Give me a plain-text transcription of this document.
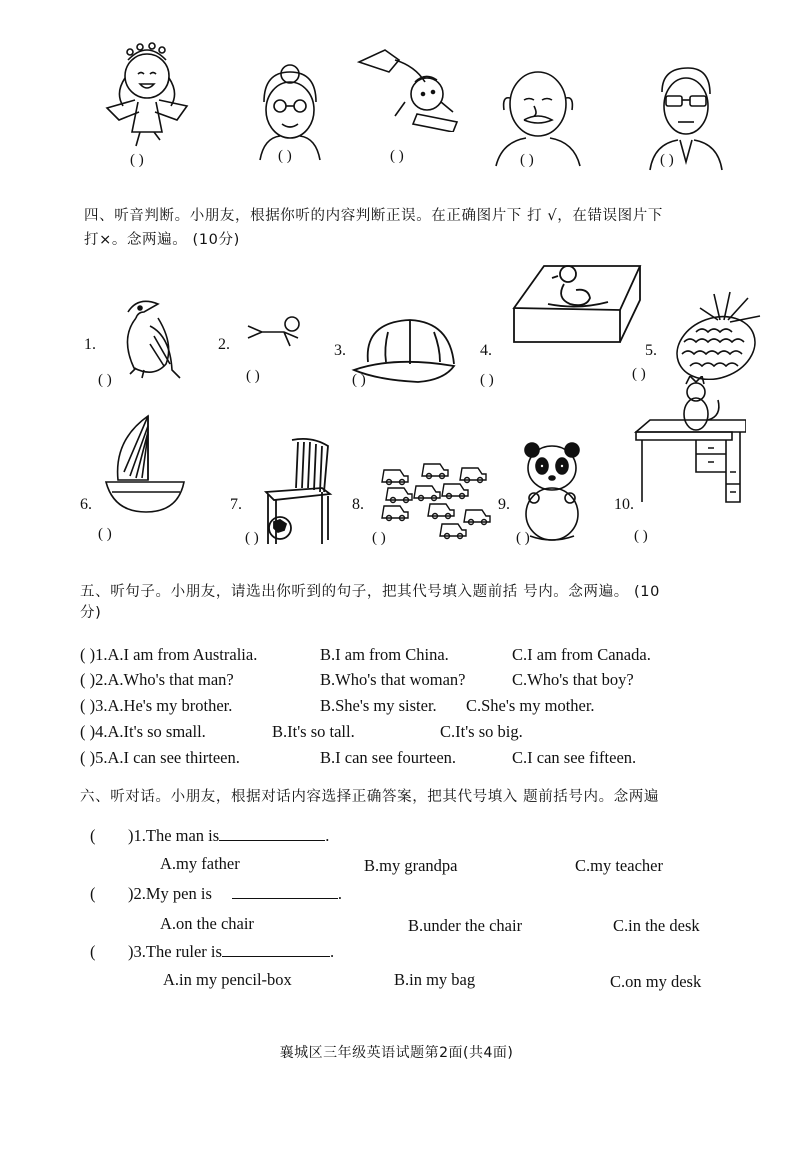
( )	( )	( )	( )	( )
四、听音判断。小朋友，根据你听的内容判断正误。在正确图片下 打 √，在错误图片下
打×。念两遍。 (10分)
1.
( )
2.
( )
3.
( )
4.
( )
5.
( )
6.
( )
7.
( )
8.
( )
9.
( )
10.
( )
五、听句子。小朋友，请选出你听到的句子，把其代号填入题前括 号内。念两遍。 (10
分)
( )1.A.I am from Australia.	B.I am from China.	C.I am from Canada.
( )2.A.Who's that man?	B.Who's that woman?	C.Who's that boy?
( )3.A.He's my brother.	B.She's my sister. C.She's my mother.
( )4.A.It's so small.	B.It's so tall.	C.It's so big.
( )5.A.I can see thirteen.	B.I can see fourteen.	C.I can see fifteen.
六、听对话。小朋友，根据对话内容选择正确答案，把其代号填入 题前括号内。念两遍
( )1.The man is	.
A.my father	B.my grandpa	C.my teacher
( )2.My pen is	.
A.on the chair	B.under the chair	C.in the desk
( )3.The ruler is	.
A.in my pencil-box	B.in my bag	C.on my desk
襄城区三年级英语试题第2面(共4面)
